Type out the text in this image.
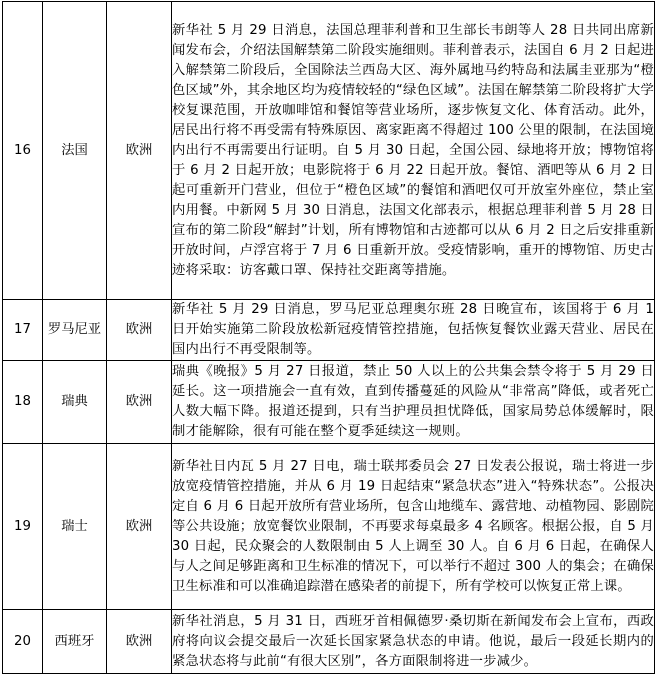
16	法国	欧洲	新华社 5 月 29 日消息，法国总理菲利普和卫生部长韦朗等人 28 日共同出席新闻发布会，介绍法国解禁第二阶段实施细则。菲利普表示，法国自 6 月 2 日起进入解禁第二阶段后，全国除法兰西岛大区、海外属地马约特岛和法属圭亚那为“橙色区域”外，其余地区均为疫情较轻的“绿色区域”。法国在解禁第二阶段将扩大学校复课范围，开放咖啡馆和餐馆等营业场所，逐步恢复文化、体育活动。此外，居民出行将不再受需有特殊原因、离家距离不得超过 100 公里的限制，在法国境内出行不再需要出行证明。自 5 月 30 日起，全国公园、绿地将开放；博物馆将于 6 月 2 日起开放；电影院将于 6 月 22 日起开放。餐馆、酒吧等从 6 月 2 日起可重新开门营业，但位于“橙色区域”的餐馆和酒吧仅可开放室外座位，禁止室内用餐。中新网 5 月 30 日消息，法国文化部表示，根据总理菲利普 5 月 28 日宣布的第二阶段“解封”计划，所有博物馆和古迹都可以从 6 月 2 日之后安排重新开放时间，卢浮宫将于 7 月 6 日重新开放。受疫情影响，重开的博物馆、历史古迹将采取：访客戴口罩、保持社交距离等措施。
17	罗马尼亚	欧洲	新华社 5 月 29 日消息，罗马尼亚总理奥尔班 28 日晚宣布，该国将于 6 月 1 日开始实施第二阶段放松新冠疫情管控措施，包括恢复餐饮业露天营业、居民在国内出行不再受限制等。
18	瑞典	欧洲	瑞典《晚报》5 月 27 日报道，禁止 50 人以上的公共集会禁令将于 5 月 29 日延长。这一项措施会一直有效，直到传播蔓延的风险从“非常高”降低，或者死亡人数大幅下降。报道还提到，只有当护理员担忧降低，国家局势总体缓解时，限制才能解除，很有可能在整个夏季延续这一规则。
19	瑞士	欧洲	新华社日内瓦 5 月 27 日电，瑞士联邦委员会 27 日发表公报说，瑞士将进一步放宽疫情管控措施，并从 6 月 19 日起结束“紧急状态”进入“特殊状态”。公报决定自 6 月 6 日起开放所有营业场所，包含山地缆车、露营地、动植物园、影剧院等公共设施；放宽餐饮业限制，不再要求每桌最多 4 名顾客。根据公报，自 5 月 30 日起，民众聚会的人数限制由 5 人上调至 30 人。自 6 月 6 日起，在确保人与人之间足够距离和卫生标准的情况下，可以举行不超过 300 人的集会；在确保卫生标准和可以准确追踪潜在感染者的前提下，所有学校可以恢复正常上课。
20	西班牙	欧洲	新华社消息，5 月 31 日，西班牙首相佩德罗·桑切斯在新闻发布会上宣布，西政府将向议会提交最后一次延长国家紧急状态的申请。他说，最后一段延长期内的紧急状态将与此前“有很大区别”，各方面限制将进一步减少。
